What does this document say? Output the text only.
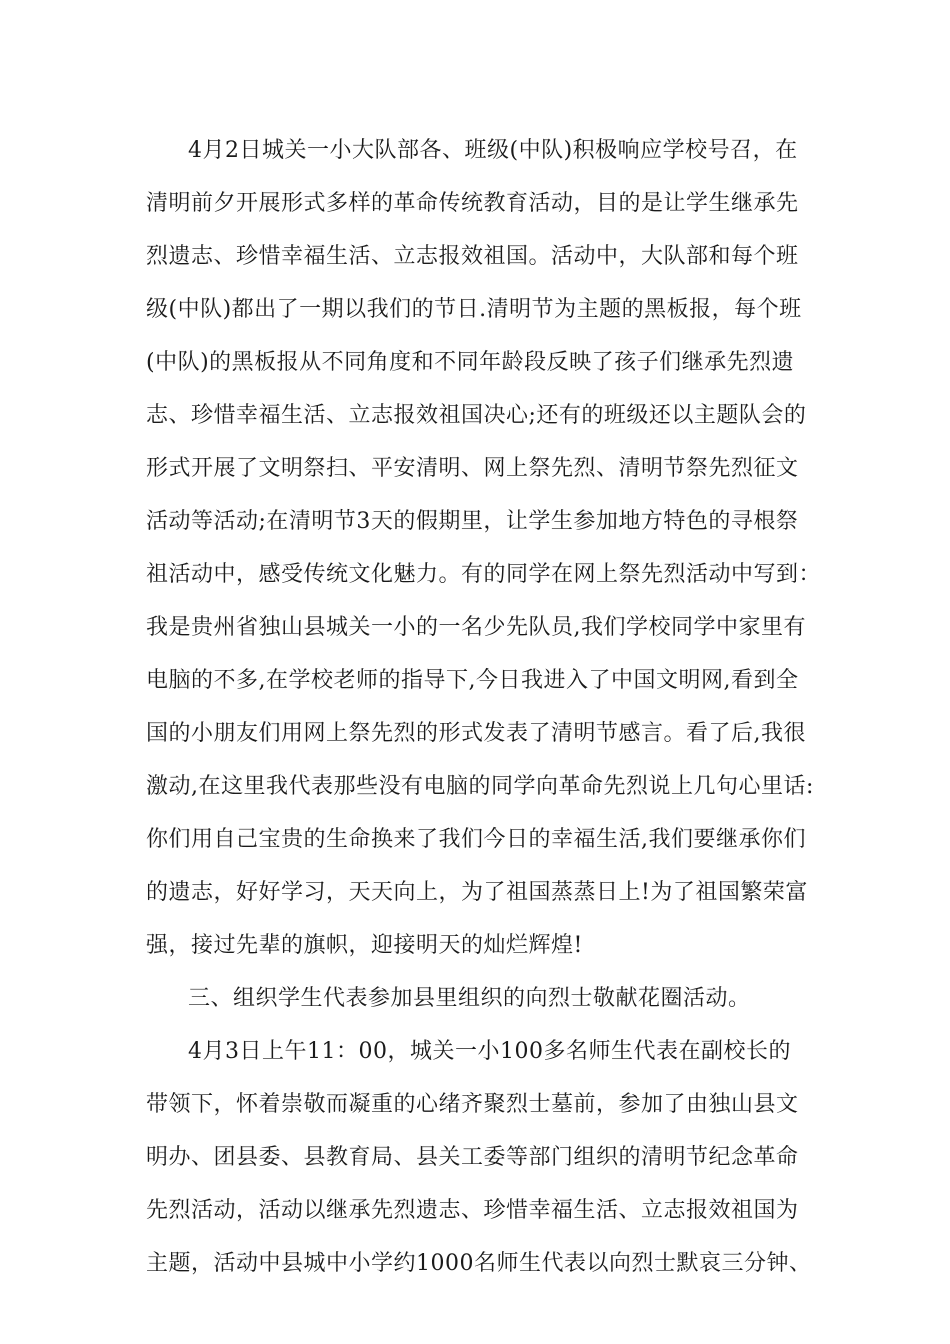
4月2日城关一小大队部各、班级(中队)积极响应学校号召，在
清明前夕开展形式多样的革命传统教育活动，目的是让学生继承先
烈遗志、珍惜幸福生活、立志报效祖国。活动中，大队部和每个班
级(中队)都出了一期以我们的节日.清明节为主题的黑板报，每个班
(中队)的黑板报从不同角度和不同年龄段反映了孩子们继承先烈遗
志、珍惜幸福生活、立志报效祖国决心;还有的班级还以主题队会的
形式开展了文明祭扫、平安清明、网上祭先烈、清明节祭先烈征文
活动等活动;在清明节3天的假期里，让学生参加地方特色的寻根祭
祖活动中，感受传统文化魅力。有的同学在网上祭先烈活动中写到：
我是贵州省独山县城关一小的一名少先队员,我们学校同学中家里有
电脑的不多,在学校老师的指导下,今日我进入了中国文明网,看到全
国的小朋友们用网上祭先烈的形式发表了清明节感言。看了后,我很
激动,在这里我代表那些没有电脑的同学向革命先烈说上几句心里话:
你们用自己宝贵的生命换来了我们今日的幸福生活,我们要继承你们
的遗志，好好学习，天天向上，为了祖国蒸蒸日上!为了祖国繁荣富
强，接过先辈的旗帜，迎接明天的灿烂辉煌!
三、组织学生代表参加县里组织的向烈士敬献花圈活动。
4月3日上午11：00，城关一小100多名师生代表在副校长的
带领下，怀着崇敬而凝重的心绪齐聚烈士墓前，参加了由独山县文
明办、团县委、县教育局、县关工委等部门组织的清明节纪念革命
先烈活动，活动以继承先烈遗志、珍惜幸福生活、立志报效祖国为
主题，活动中县城中小学约1000名师生代表以向烈士默哀三分钟、
